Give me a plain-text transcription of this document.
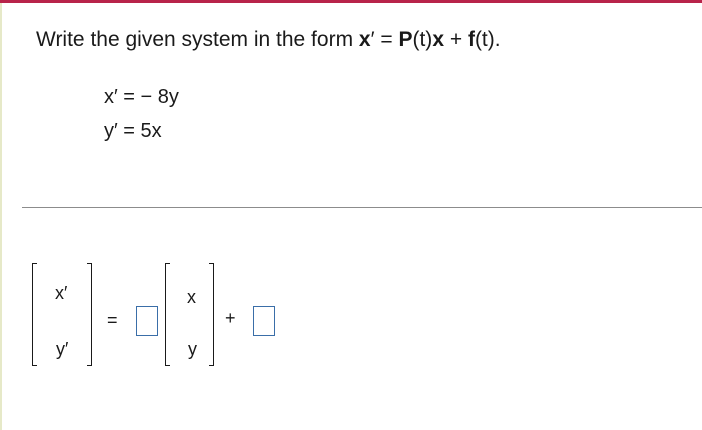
Write the given system in the form x′ = P(t)x + f(t).
x′ = − 8y
y′ = 5x
x′
y′
=
x
y
+
